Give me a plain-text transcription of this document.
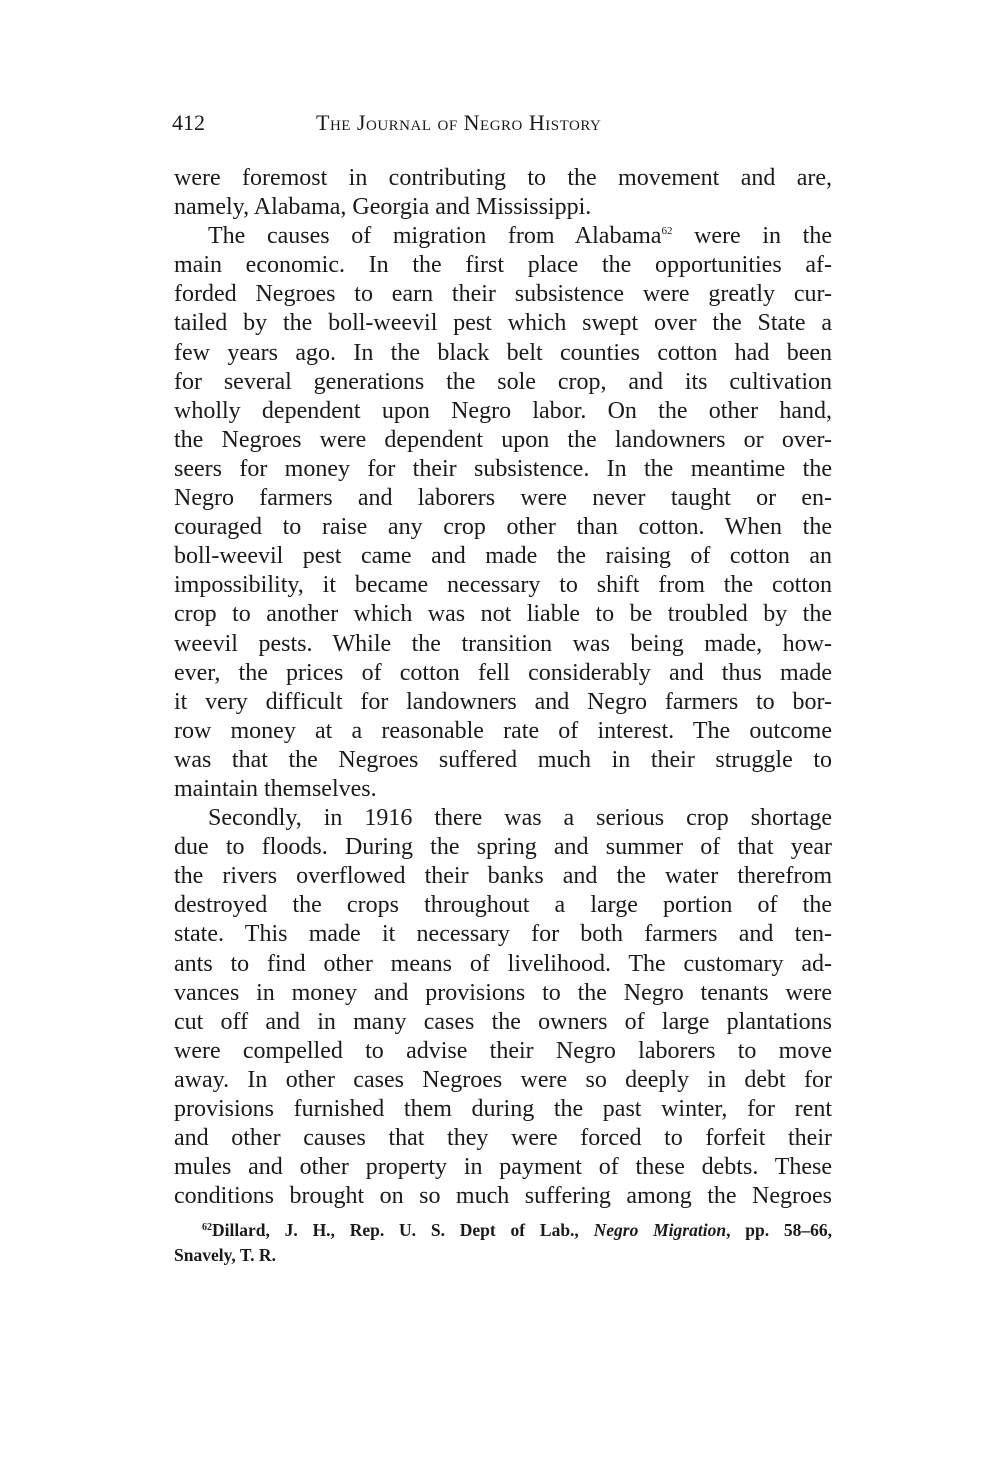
412	The Journal of Negro History
were foremost in contributing to the movement and are,
namely, Alabama, Georgia and Mississippi.
The causes of migration from Alabama$^{62}$ were in the
main economic. In the first place the opportunities af-
forded Negroes to earn their subsistence were greatly cur-
tailed by the boll-weevil pest which swept over the State a
few years ago. In the black belt counties cotton had been
for several generations the sole crop, and its cultivation
wholly dependent upon Negro labor. On the other hand,
the Negroes were dependent upon the landowners or over-
seers for money for their subsistence. In the meantime the
Negro farmers and laborers were never taught or en-
couraged to raise any crop other than cotton. When the
boll-weevil pest came and made the raising of cotton an
impossibility, it became necessary to shift from the cotton
crop to another which was not liable to be troubled by the
weevil pests. While the transition was being made, how-
ever, the prices of cotton fell considerably and thus made
it very difficult for landowners and Negro farmers to bor-
row money at a reasonable rate of interest. The outcome
was that the Negroes suffered much in their struggle to
maintain themselves.
Secondly, in 1916 there was a serious crop shortage
due to floods. During the spring and summer of that year
the rivers overflowed their banks and the water therefrom
destroyed the crops throughout a large portion of the
state. This made it necessary for both farmers and ten-
ants to find other means of livelihood. The customary ad-
vances in money and provisions to the Negro tenants were
cut off and in many cases the owners of large plantations
were compelled to advise their Negro laborers to move
away. In other cases Negroes were so deeply in debt for
provisions furnished them during the past winter, for rent
and other causes that they were forced to forfeit their
mules and other property in payment of these debts. These
conditions brought on so much suffering among the Negroes
$^{62}$Dillard, J. H., Rep. U. S. Dept of Lab., Negro Migration, pp. 58–66,
Snavely, T. R.
